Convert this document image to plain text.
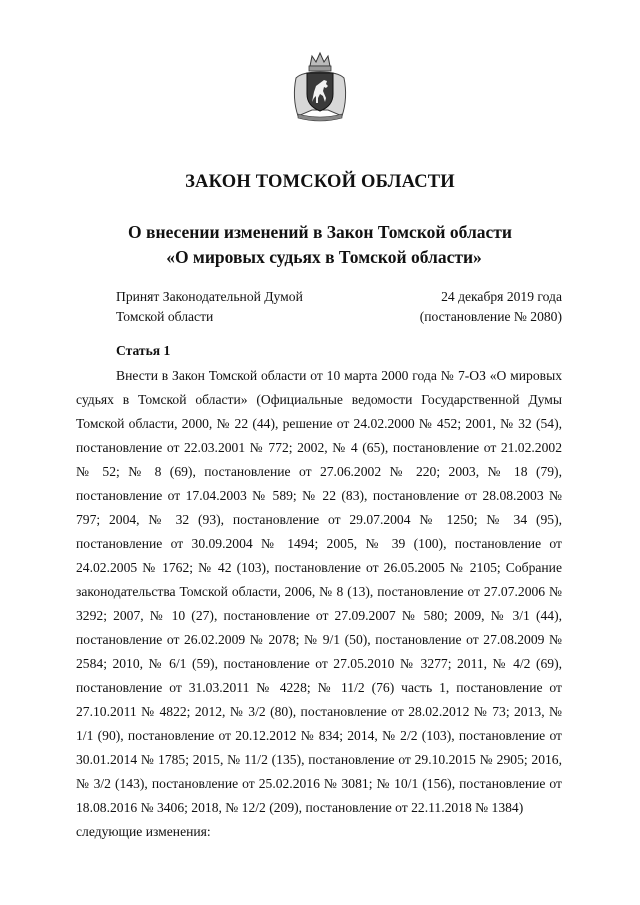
ЗАКОН ТОМСКОЙ ОБЛАСТИ
О внесении изменений в Закон Томской области
«О мировых судьях в Томской области»
Принят Законодательной Думой
Томской области
24 декабря 2019 года
(постановление № 2080)
Статья 1

Внести в Закон Томской области от 10 марта 2000 года № 7-ОЗ «О мировых судьях в Томской области» (Официальные ведомости Государственной Думы Томской области, 2000, № 22 (44), решение от 24.02.2000 № 452; 2001, № 32 (54), постановление от 22.03.2001 № 772; 2002, № 4 (65), постановление от 21.02.2002 № 52; № 8 (69), постановление от 27.06.2002 № 220; 2003, № 18 (79), постановление от 17.04.2003 № 589; № 22 (83), постановление от 28.08.2003 № 797; 2004, № 32 (93), постановление от 29.07.2004 № 1250; № 34 (95), постановление от 30.09.2004 № 1494; 2005, № 39 (100), постановление от 24.02.2005 № 1762; № 42 (103), постановление от 26.05.2005 № 2105; Собрание законодательства Томской области, 2006, № 8 (13), постановление от 27.07.2006 № 3292; 2007, № 10 (27), постановление от 27.09.2007 № 580; 2009, № 3/1 (44), постановление от 26.02.2009 № 2078; № 9/1 (50), постановление от 27.08.2009 № 2584; 2010, № 6/1 (59), постановление от 27.05.2010 № 3277; 2011, № 4/2 (69), постановление от 31.03.2011 № 4228; № 11/2 (76) часть 1, постановление от 27.10.2011 № 4822; 2012, № 3/2 (80), постановление от 28.02.2012 № 73; 2013, № 1/1 (90), постановление от 20.12.2012 № 834; 2014, № 2/2 (103), постановление от 30.01.2014 № 1785; 2015, № 11/2 (135), постановление от 29.10.2015 № 2905; 2016, № 3/2 (143), постановление от 25.02.2016 № 3081; № 10/1 (156), постановление от 18.08.2016 № 3406; 2018, № 12/2 (209), постановление от 22.11.2018 № 1384)

следующие изменения:
